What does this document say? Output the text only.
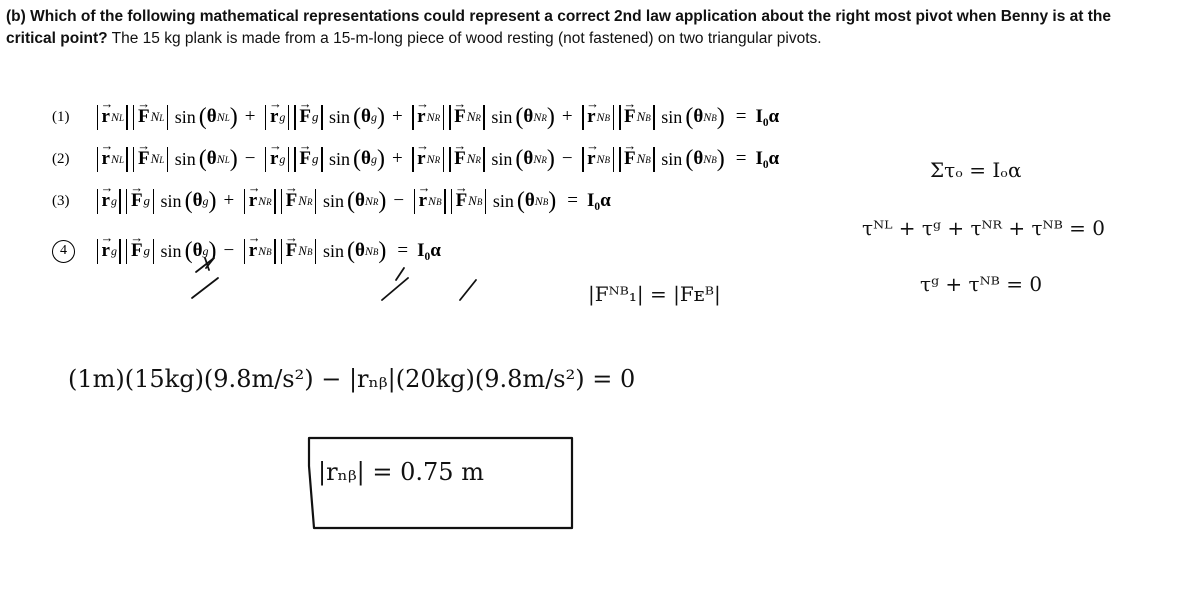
(b) Which of the following mathematical representations could represent a correct 2nd law application about the right most pivot when Benny is at the critical point? The 15 kg plank is made from a 15-m-long piece of wood resting (not fastened) on two triangular pivots.
(1)	r
→
NL F
→
NL sin ( θ NL ) + r
→
g F
→
g sin ( θ g ) + r
→
NR F
→
NR sin ( θ NR ) + r
→
NB F
→
NB sin ( θ NB ) = I₀α
(2)	r
→
NL F
→
NL sin ( θ NL ) − r
→
g F
→
g sin ( θ g ) + r
→
NR F
→
NR sin ( θ NR ) − r
→
NB F
→
NB sin ( θ NB ) = I₀α
(3)	r
→
g F
→
g sin ( θ g ) + r
→
NR F
→
NR sin ( θ NR ) − r
→
NB F
→
NB sin ( θ NB ) = I₀α
4	r
→
g F
→
g sin ( θ g ) − r
→
NB F
→
NB sin ( θ NB ) = I₀α
Στₒ = Iₒα
τᴺᴸ + τᵍ + τᴺᴿ + τᴺᴮ = 0
τᵍ + τᴺᴮ = 0
|Fᴺᴮ₁| = |Fᴇᴮ|
(1m)(15kg)(9.8m/s²) − |rₙᵦ|(20kg)(9.8m/s²) = 0
|rₙᵦ| = 0.75 m
